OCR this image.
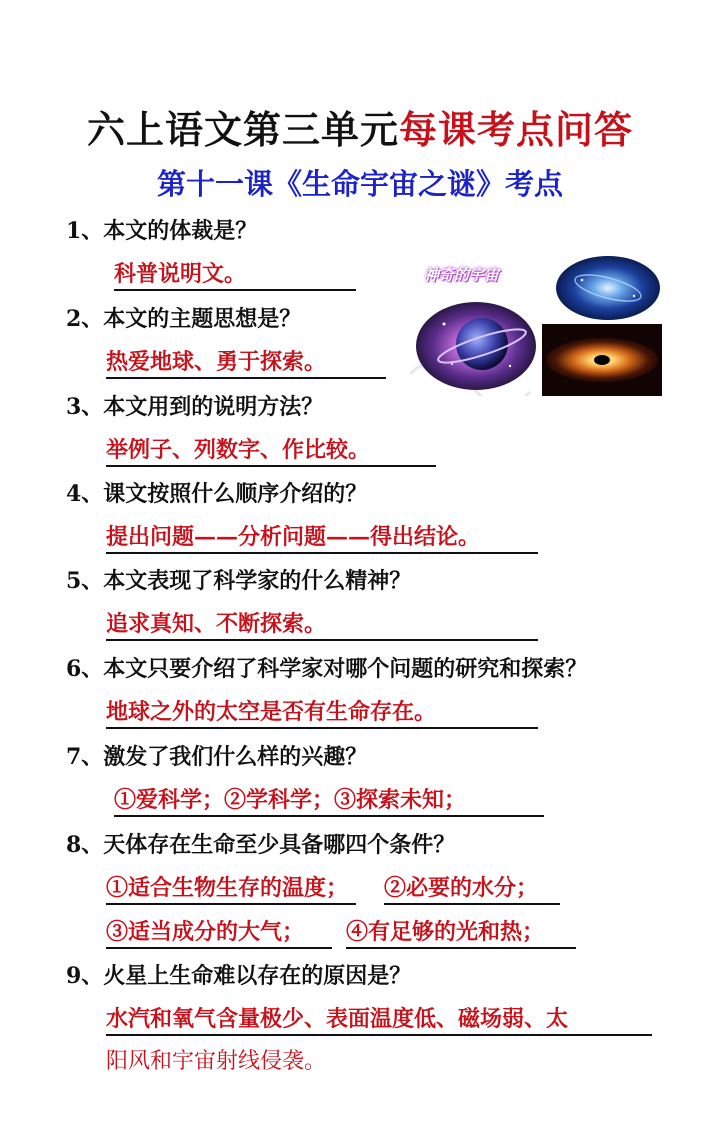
六上语文第三单元每课考点问答
第十一课《生命宇宙之谜》考点
神奇的宇宙
1、本文的体裁是？
科普说明文。
2、本文的主题思想是？
热爱地球、勇于探索。
3、本文用到的说明方法？
举例子、列数字、作比较。
4、课文按照什么顺序介绍的？
提出问题——分析问题——得出结论。
5、本文表现了科学家的什么精神？
追求真知、不断探索。
6、本文只要介绍了科学家对哪个问题的研究和探索？
地球之外的太空是否有生命存在。
7、激发了我们什么样的兴趣？
①爱科学；②学科学；③探索未知；
8、天体存在生命至少具备哪四个条件？
①适合生物生存的温度；	②必要的水分；
③适当成分的大气；	④有足够的光和热；
9、火星上生命难以存在的原因是？
水汽和氧气含量极少、表面温度低、磁场弱、太
阳风和宇宙射线侵袭。
